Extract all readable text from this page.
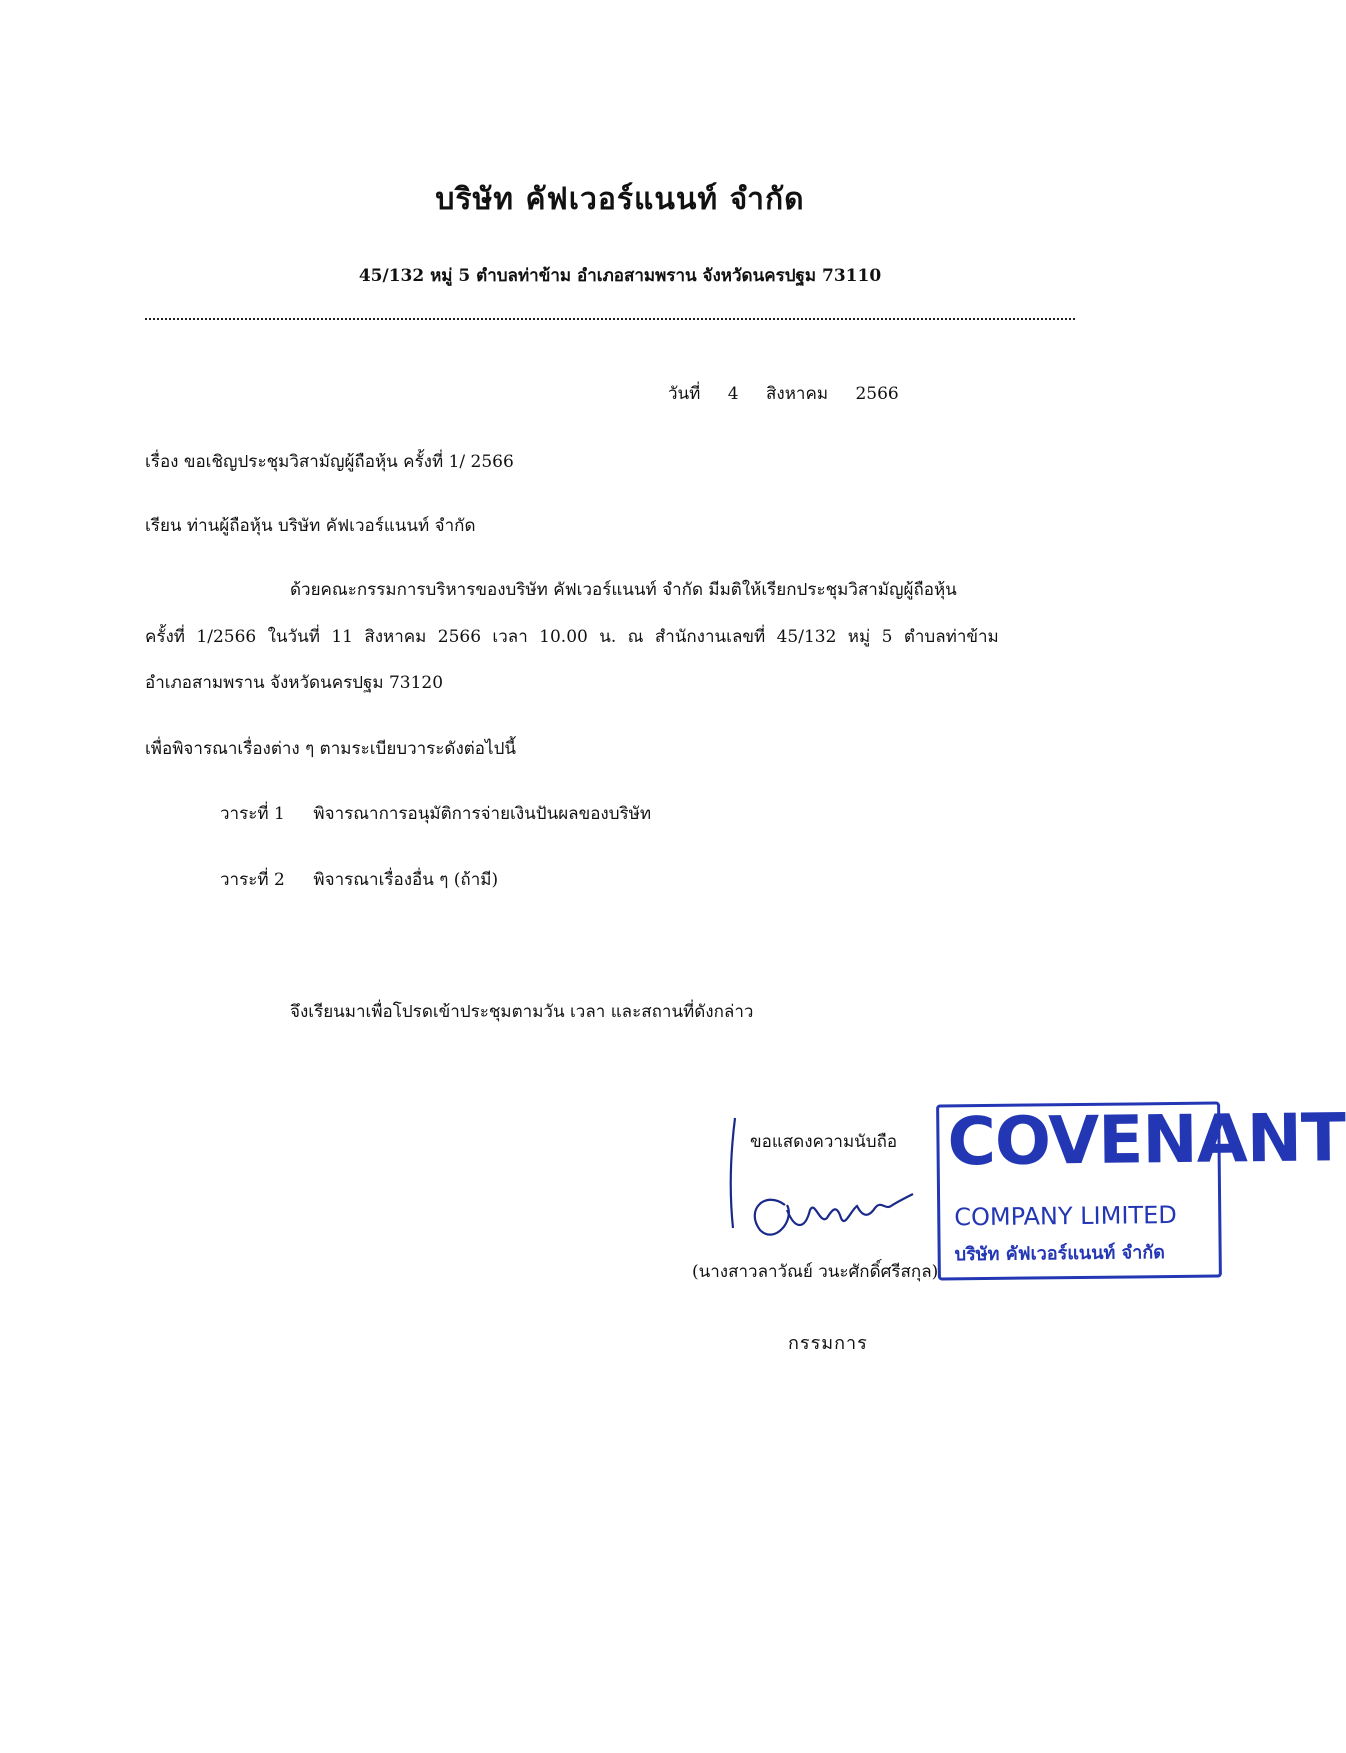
บริษัท คัฟเวอร์แนนท์ จำกัด
45/132 หมู่ 5 ตำบลท่าข้าม อำเภอสามพราน จังหวัดนครปฐม 73110
วันที่ 4 สิงหาคม 2566
เรื่อง ขอเชิญประชุมวิสามัญผู้ถือหุ้น ครั้งที่ 1/ 2566
เรียน ท่านผู้ถือหุ้น บริษัท คัฟเวอร์แนนท์ จำกัด
ด้วยคณะกรรมการบริหารของบริษัท คัฟเวอร์แนนท์ จำกัด มีมติให้เรียกประชุมวิสามัญผู้ถือหุ้น
ครั้งที่ 1/2566 ในวันที่ 11 สิงหาคม 2566 เวลา 10.00 น. ณ สำนักงานเลขที่ 45/132 หมู่ 5 ตำบลท่าข้าม
อำเภอสามพราน จังหวัดนครปฐม 73120
เพื่อพิจารณาเรื่องต่าง ๆ ตามระเบียบวาระดังต่อไปนี้
วาระที่ 1 พิจารณาการอนุมัติการจ่ายเงินปันผลของบริษัท
วาระที่ 2 พิจารณาเรื่องอื่น ๆ (ถ้ามี)
จึงเรียนมาเพื่อโปรดเข้าประชุมตามวัน เวลา และสถานที่ดังกล่าว
ขอแสดงความนับถือ COVENANT
COMPANY LIMITED
บริษัท คัฟเวอร์แนนท์ จำกัด
(นางสาวลาวัณย์ วนะศักดิ์ศรีสกุล)
กรรมการ
